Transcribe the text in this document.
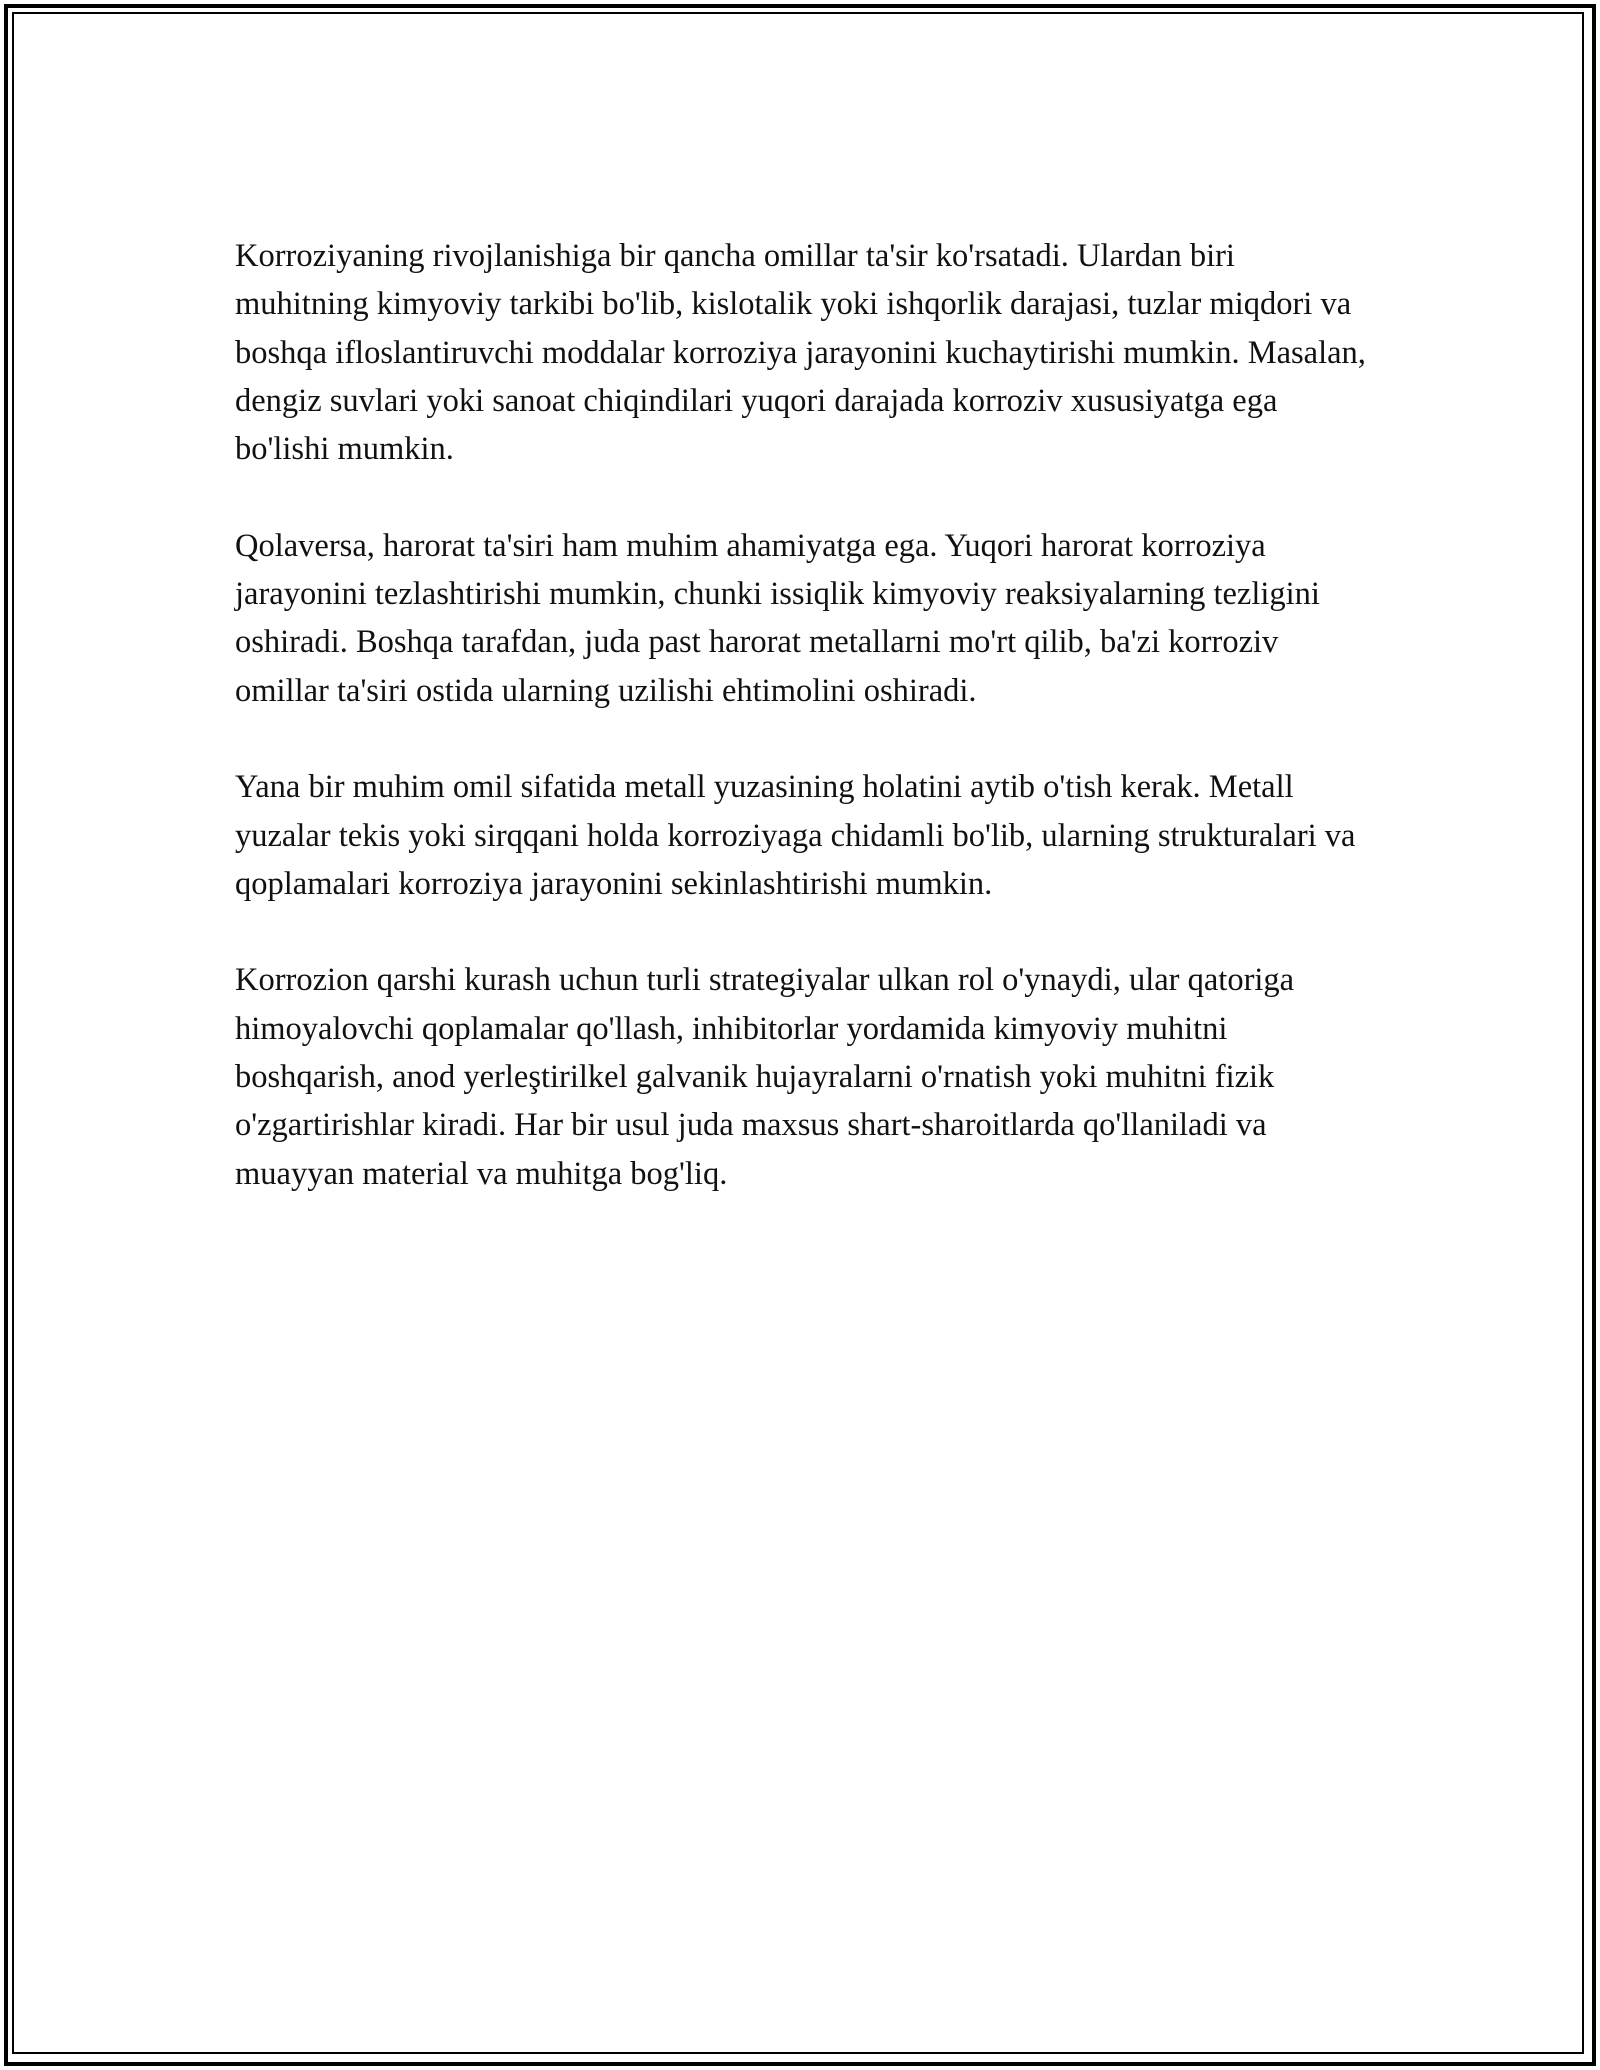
Korroziyaning rivojlanishiga bir qancha omillar ta'sir ko'rsatadi. Ulardan biri muhitning kimyoviy tarkibi bo'lib, kislotalik yoki ishqorlik darajasi, tuzlar miqdori va boshqa ifloslantiruvchi moddalar korroziya jarayonini kuchaytirishi mumkin. Masalan, dengiz suvlari yoki sanoat chiqindilari yuqori darajada korroziv xususiyatga ega bo'lishi mumkin.

Qolaversa, harorat ta'siri ham muhim ahamiyatga ega. Yuqori harorat korroziya jarayonini tezlashtirishi mumkin, chunki issiqlik kimyoviy reaksiyalarning tezligini oshiradi. Boshqa tarafdan, juda past harorat metallarni mo'rt qilib, ba'zi korroziv omillar ta'siri ostida ularning uzilishi ehtimolini oshiradi.

Yana bir muhim omil sifatida metall yuzasining holatini aytib o'tish kerak. Metall yuzalar tekis yoki sirqqani holda korroziyaga chidamli bo'lib, ularning strukturalari va qoplamalari korroziya jarayonini sekinlashtirishi mumkin.

Korrozion qarshi kurash uchun turli strategiyalar ulkan rol o'ynaydi, ular qatoriga himoyalovchi qoplamalar qo'llash, inhibitorlar yordamida kimyoviy muhitni boshqarish, anod yerleştirilkel galvanik hujayralarni o'rnatish yoki muhitni fizik o'zgartirishlar kiradi. Har bir usul juda maxsus shart-sharoitlarda qo'llaniladi va muayyan material va muhitga bog'liq.
